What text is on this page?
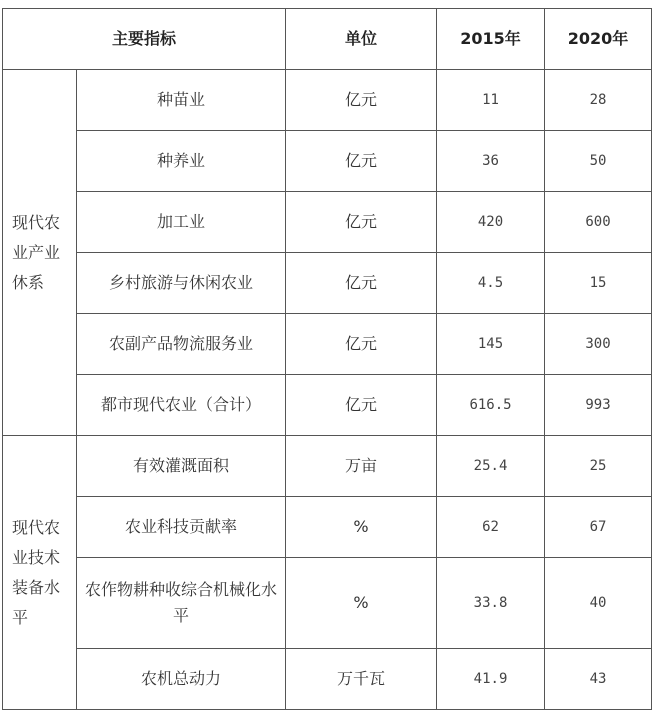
主要指标		单位	2015年	2020年

现代农业产业休系	种苗业	亿元	11	28
	种养业	亿元	36	50
	加工业	亿元	420	600
	乡村旅游与休闲农业	亿元	4.5	15
	农副产品物流服务业	亿元	145	300
	都市现代农业（合计）	亿元	616.5	993

现代农业技术装备水平	有效灌溉面积	万亩	25.4	25
	农业科技贡献率	%	62	67
	农作物耕种收综合机械化水平	%	33.8	40
	农机总动力	万千瓦	41.9	43
